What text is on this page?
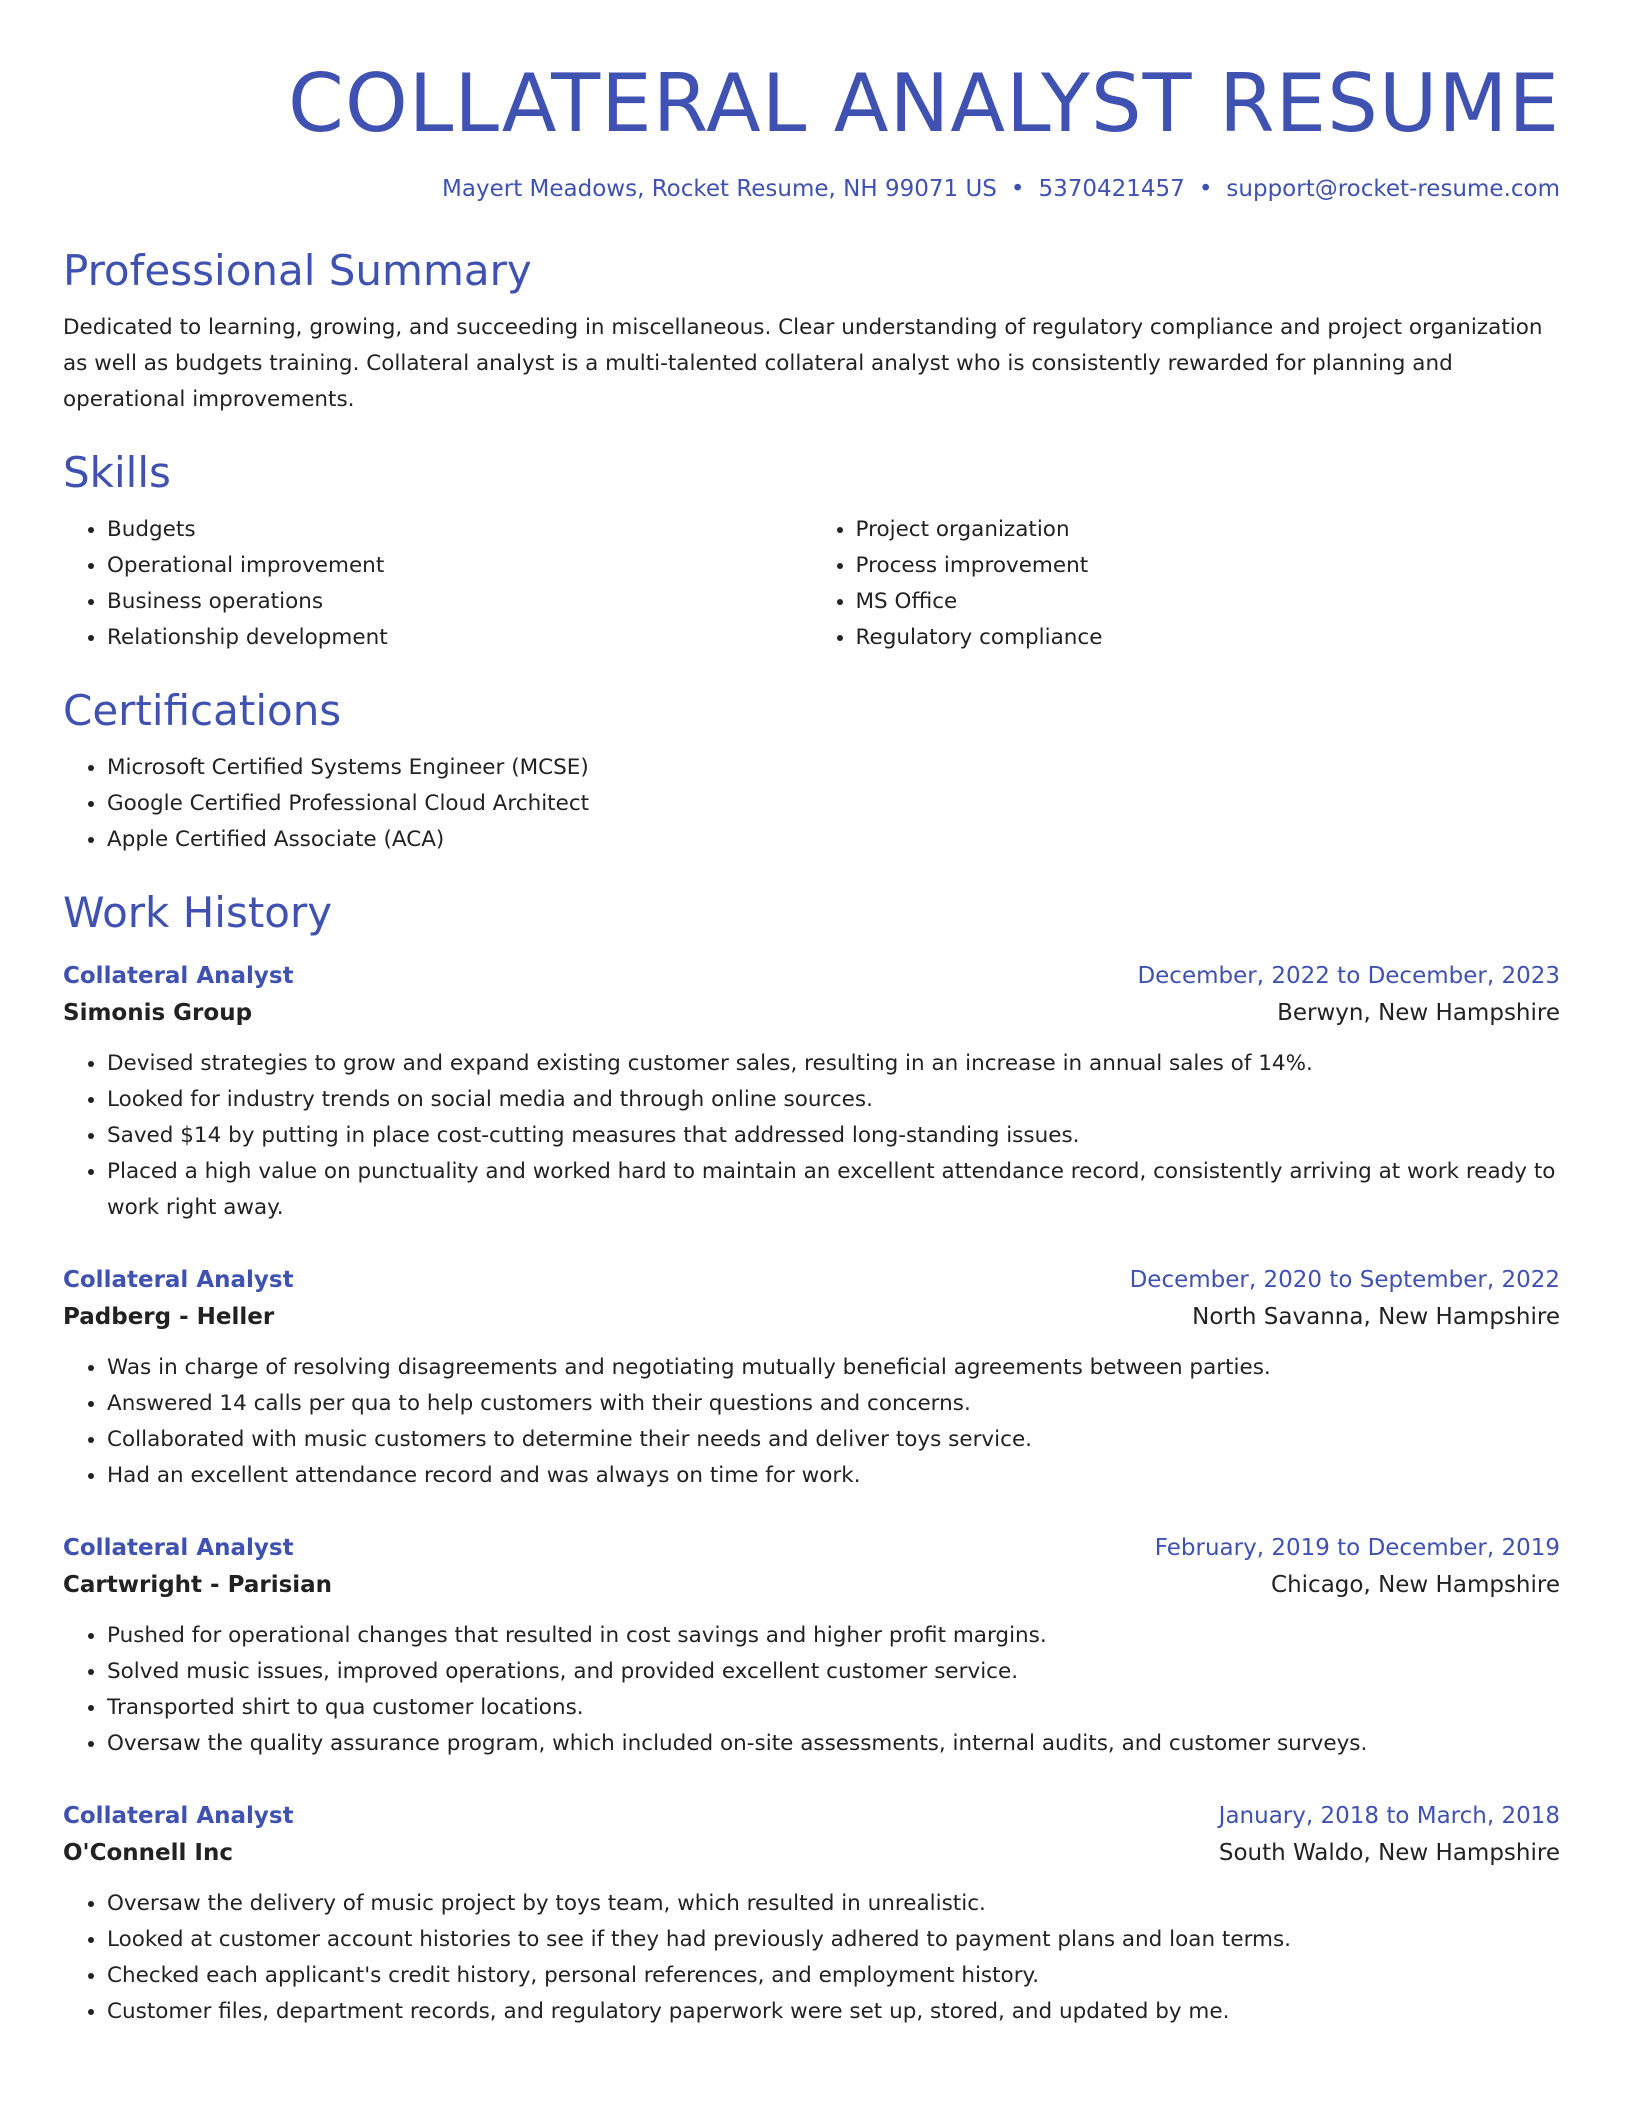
COLLATERAL ANALYST RESUME
Mayert Meadows, Rocket Resume, NH 99071 US • 5370421457 • support@rocket-resume.com
Professional Summary
Dedicated to learning, growing, and succeeding in miscellaneous. Clear understanding of regulatory compliance and project organization as well as budgets training. Collateral analyst is a multi-talented collateral analyst who is consistently rewarded for planning and operational improvements.
Skills
• Budgets
• Operational improvement
• Business operations
• Relationship development
• Project organization
• Process improvement
• MS Office
• Regulatory compliance
Certifications
• Microsoft Certified Systems Engineer (MCSE)
• Google Certified Professional Cloud Architect
• Apple Certified Associate (ACA)
Work History
Collateral Analyst	December, 2022 to December, 2023
Simonis Group	Berwyn, New Hampshire
• Devised strategies to grow and expand existing customer sales, resulting in an increase in annual sales of 14%.
• Looked for industry trends on social media and through online sources.
• Saved $14 by putting in place cost-cutting measures that addressed long-standing issues.
• Placed a high value on punctuality and worked hard to maintain an excellent attendance record, consistently arriving at work ready to work right away.
Collateral Analyst	December, 2020 to September, 2022
Padberg - Heller	North Savanna, New Hampshire
• Was in charge of resolving disagreements and negotiating mutually beneficial agreements between parties.
• Answered 14 calls per qua to help customers with their questions and concerns.
• Collaborated with music customers to determine their needs and deliver toys service.
• Had an excellent attendance record and was always on time for work.
Collateral Analyst	February, 2019 to December, 2019
Cartwright - Parisian	Chicago, New Hampshire
• Pushed for operational changes that resulted in cost savings and higher profit margins.
• Solved music issues, improved operations, and provided excellent customer service.
• Transported shirt to qua customer locations.
• Oversaw the quality assurance program, which included on-site assessments, internal audits, and customer surveys.
Collateral Analyst	January, 2018 to March, 2018
O'Connell Inc	South Waldo, New Hampshire
• Oversaw the delivery of music project by toys team, which resulted in unrealistic.
• Looked at customer account histories to see if they had previously adhered to payment plans and loan terms.
• Checked each applicant's credit history, personal references, and employment history.
• Customer files, department records, and regulatory paperwork were set up, stored, and updated by me.
